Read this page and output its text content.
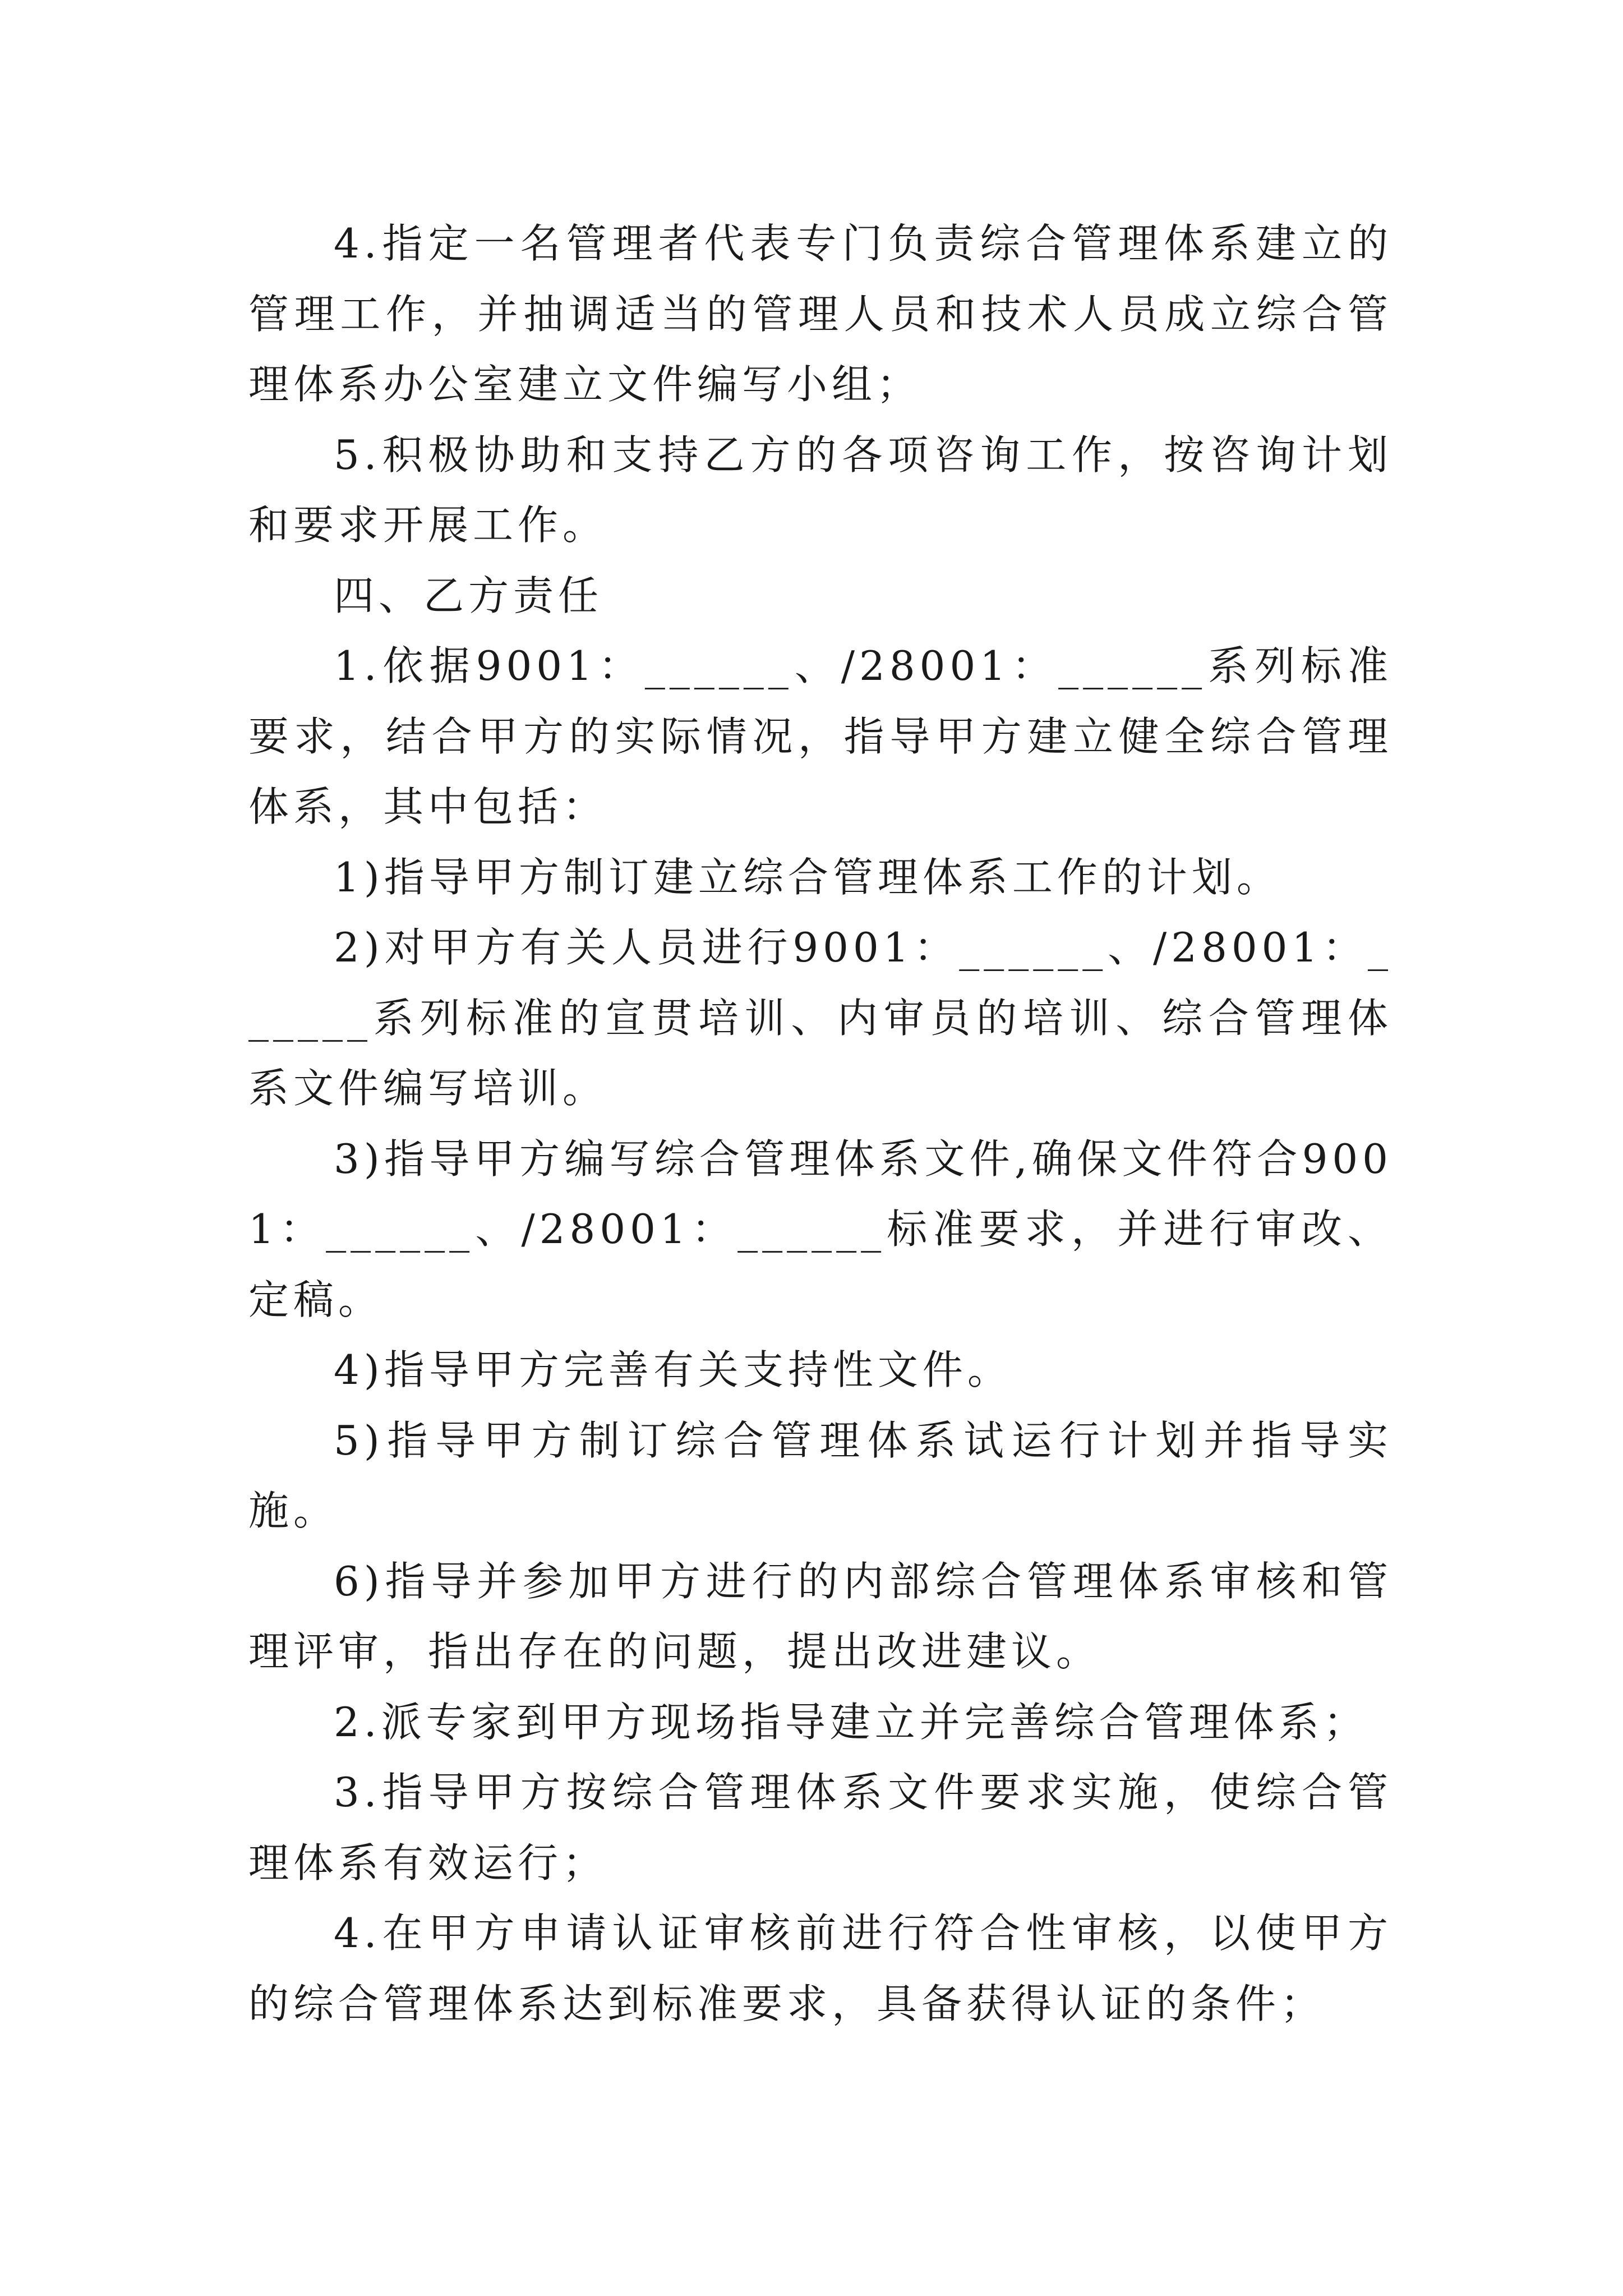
4.指定一名管理者代表专门负责综合管理体系建立的管理工作，并抽调适当的管理人员和技术人员成立综合管理体系办公室建立文件编写小组；

5.积极协助和支持乙方的各项咨询工作，按咨询计划和要求开展工作。

四、乙方责任

1.依据9001：______、/28001：______系列标准要求，结合甲方的实际情况，指导甲方建立健全综合管理体系，其中包括：

1)指导甲方制订建立综合管理体系工作的计划。

2)对甲方有关人员进行9001：______、/28001：______系列标准的宣贯培训、内审员的培训、综合管理体系文件编写培训。

3)指导甲方编写综合管理体系文件,确保文件符合9001：______、/28001：______标准要求，并进行审改、定稿。

4)指导甲方完善有关支持性文件。

5)指导甲方制订综合管理体系试运行计划并指导实施。

6)指导并参加甲方进行的内部综合管理体系审核和管理评审，指出存在的问题，提出改进建议。

2.派专家到甲方现场指导建立并完善综合管理体系；

3.指导甲方按综合管理体系文件要求实施，使综合管理体系有效运行；

4.在甲方申请认证审核前进行符合性审核，以使甲方的综合管理体系达到标准要求，具备获得认证的条件；
